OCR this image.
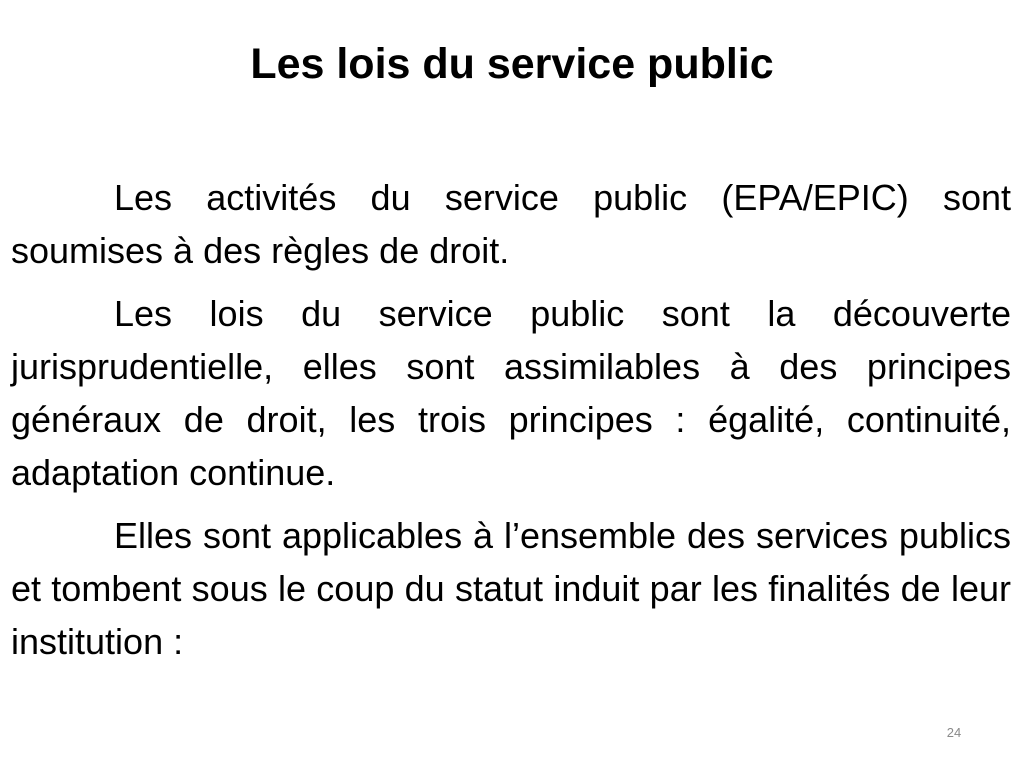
Les lois du service public

Les activités du service public (EPA/EPIC) sont soumises à des règles de droit.

Les lois du service public sont la découverte jurisprudentielle, elles sont assimilables à des principes généraux de droit, les trois principes : égalité, continuité, adaptation continue.

Elles sont applicables à l’ensemble des services publics et tombent sous le coup du statut induit par les finalités de leur institution :

24
